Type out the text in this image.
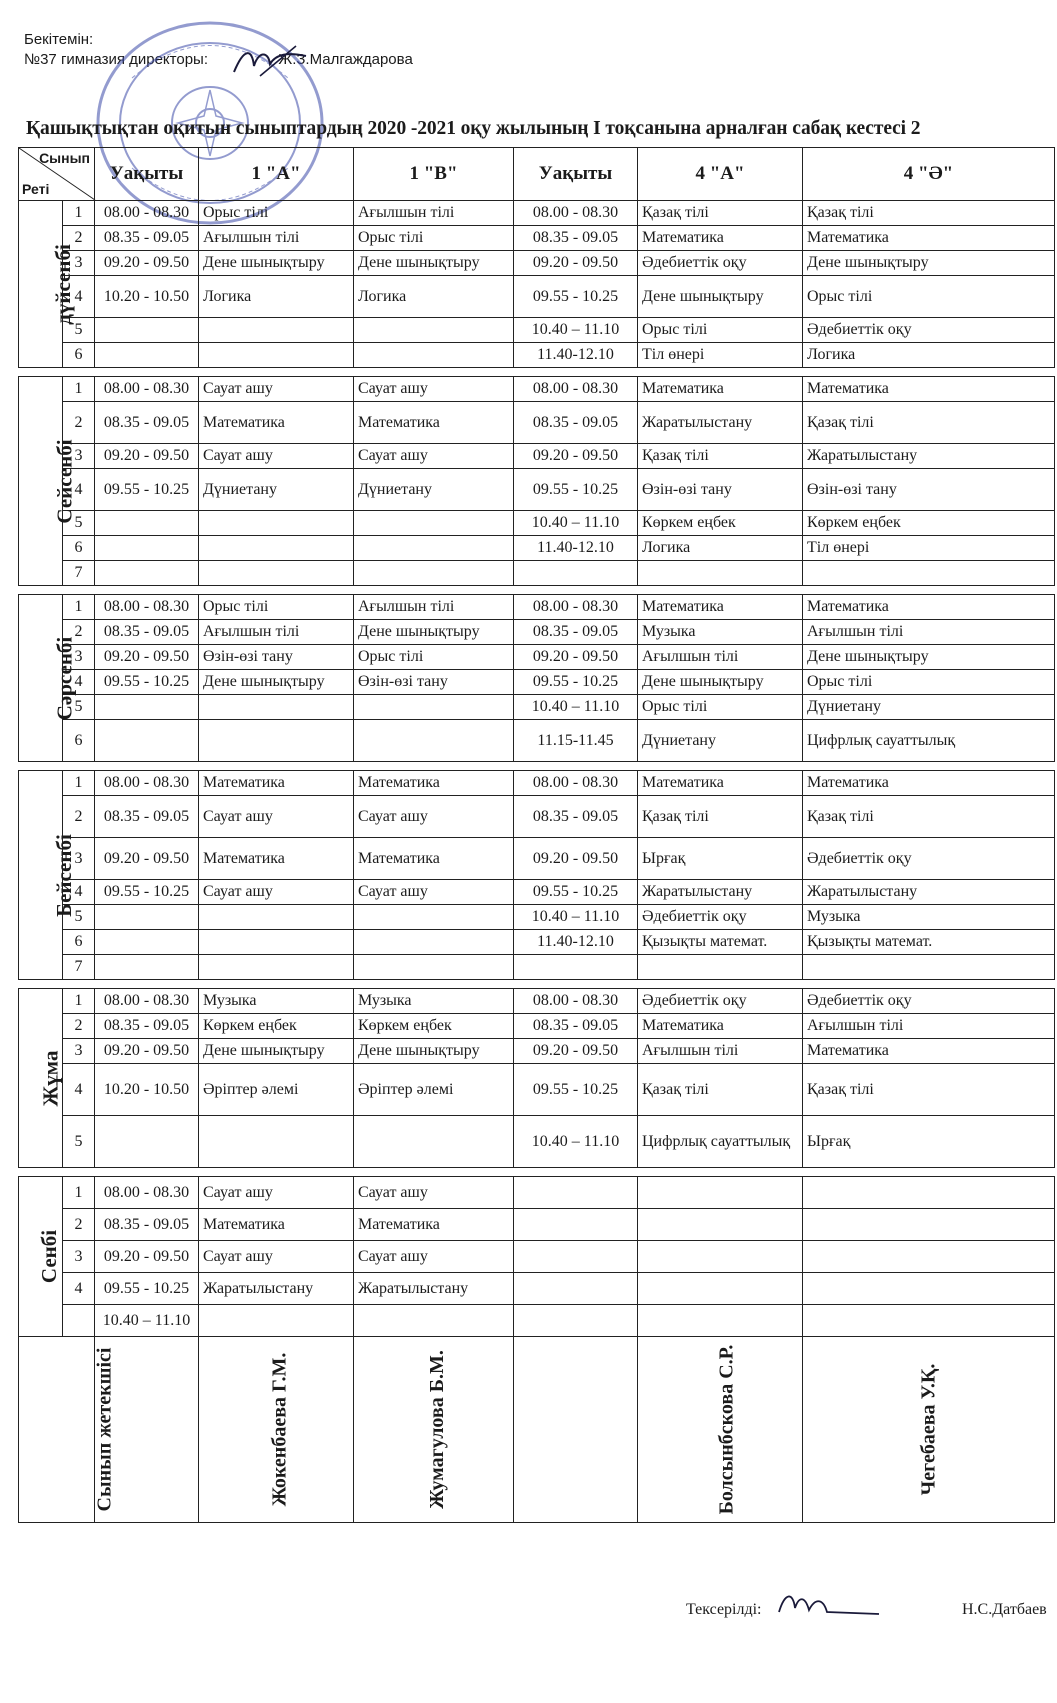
Бекітемін:
№37 гимназия директоры:	Ж.З.Малгаждарова
Қашықтықтан оқитын сыныптардың 2020 -2021 оқу жылының І тоқсанына арналған сабақ кестесі 2
Сынып
Реті		Уақыты	1 "А"	1 "В"	Уақыты	4 "А"	4 "Ә"
дүйсенбі	1	08.00 - 08.30	Орыс тілі	Ағылшын тілі	08.00 - 08.30	Қазақ тілі	Қазақ тілі
	2	08.35 - 09.05	Ағылшын тілі	Орыс тілі	08.35 - 09.05	Математика	Математика
	3	09.20 - 09.50	Дене шынықтыру	Дене шынықтыру	09.20 - 09.50	Әдебиеттік оқу	Дене шынықтыру
	4	10.20 - 10.50	Логика	Логика	09.55 - 10.25	Дене шынықтыру	Орыс тілі
	5				10.40 – 11.10	Орыс тілі	Әдебиеттік оқу
	6				11.40-12.10	Тіл өнері	Логика

Сейсенбі	1	08.00 - 08.30	Сауат ашу	Сауат ашу	08.00 - 08.30	Математика	Математика
	2	08.35 - 09.05	Математика	Математика	08.35 - 09.05	Жаратылыстану	Қазақ тілі
	3	09.20 - 09.50	Сауат ашу	Сауат ашу	09.20 - 09.50	Қазақ тілі	Жаратылыстану
	4	09.55 - 10.25	Дүниетану	Дүниетану	09.55 - 10.25	Өзін-өзі тану	Өзін-өзі тану
	5				10.40 – 11.10	Көркем еңбек	Көркем еңбек
	6				11.40-12.10	Логика	Тіл өнері
	7						

Сәрсенбі	1	08.00 - 08.30	Орыс тілі	Ағылшын тілі	08.00 - 08.30	Математика	Математика
	2	08.35 - 09.05	Ағылшын тілі	Дене шынықтыру	08.35 - 09.05	Музыка	Ағылшын тілі
	3	09.20 - 09.50	Өзін-өзі тану	Орыс тілі	09.20 - 09.50	Ағылшын тілі	Дене шынықтыру
	4	09.55 - 10.25	Дене шынықтыру	Өзін-өзі тану	09.55 - 10.25	Дене шынықтыру	Орыс тілі
	5				10.40 – 11.10	Орыс тілі	Дүниетану
	6				11.15-11.45	Дүниетану	Цифрлық сауаттылық

Бейсенбі	1	08.00 - 08.30	Математика	Математика	08.00 - 08.30	Математика	Математика
	2	08.35 - 09.05	Сауат ашу	Сауат ашу	08.35 - 09.05	Қазақ тілі	Қазақ тілі
	3	09.20 - 09.50	Математика	Математика	09.20 - 09.50	Ырғақ	Әдебиеттік оқу
	4	09.55 - 10.25	Сауат ашу	Сауат ашу	09.55 - 10.25	Жаратылыстану	Жаратылыстану
	5				10.40 – 11.10	Әдебиеттік оқу	Музыка
	6				11.40-12.10	Қызықты математ.	Қызықты математ.
	7						

Жұма	1	08.00 - 08.30	Музыка	Музыка	08.00 - 08.30	Әдебиеттік оқу	Әдебиеттік оқу
	2	08.35 - 09.05	Көркем еңбек	Көркем еңбек	08.35 - 09.05	Математика	Ағылшын тілі
	3	09.20 - 09.50	Дене шынықтыру	Дене шынықтыру	09.20 - 09.50	Ағылшын тілі	Математика
	4	10.20 - 10.50	Әріптер әлемі	Әріптер әлемі	09.55 - 10.25	Қазақ тілі	Қазақ тілі
	5				10.40 – 11.10	Цифрлық сауаттылық	Ырғақ

Сенбі	1	08.00 - 08.30	Сауат ашу	Сауат ашу			
	2	08.35 - 09.05	Математика	Математика			
	3	09.20 - 09.50	Сауат ашу	Сауат ашу			
	4	09.55 - 10.25	Жаратылыстану	Жаратылыстану			
		10.40 – 11.10					
Сынып жетекшісі			Жокенбаева Г.М.	Жумагулова Б.М.		Болсынбскова С.Р.	Чегебаева У.Қ.
Тексерілді:	Н.С.Датбаев
